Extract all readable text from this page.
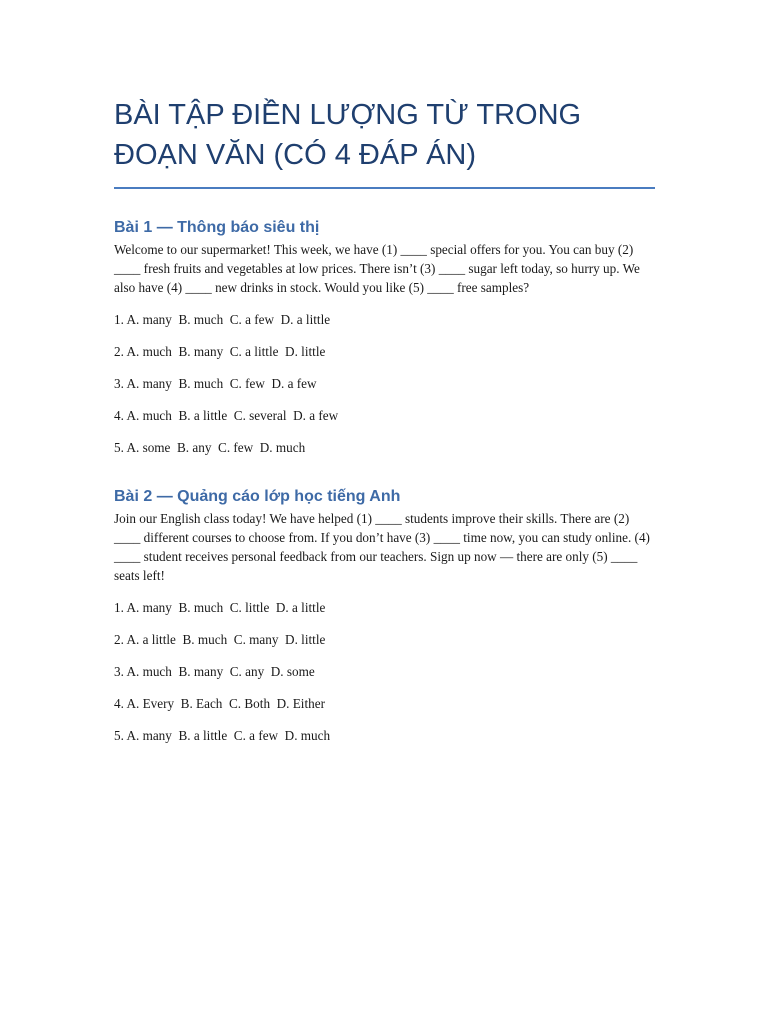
BÀI TẬP ĐIỀN LƯỢNG TỪ TRONG ĐOẠN VĂN (CÓ 4 ĐÁP ÁN)
Bài 1 — Thông báo siêu thị

Welcome to our supermarket! This week, we have (1) ____ special offers for you. You can buy (2) ____ fresh fruits and vegetables at low prices. There isn’t (3) ____ sugar left today, so hurry up. We also have (4) ____ new drinks in stock. Would you like (5) ____ free samples?

1. A. many  B. much  C. a few  D. a little
2. A. much  B. many  C. a little  D. little
3. A. many  B. much  C. few  D. a few
4. A. much  B. a little  C. several  D. a few
5. A. some  B. any  C. few  D. much
Bài 2 — Quảng cáo lớp học tiếng Anh

Join our English class today! We have helped (1) ____ students improve their skills. There are (2) ____ different courses to choose from. If you don’t have (3) ____ time now, you can study online. (4) ____ student receives personal feedback from our teachers. Sign up now — there are only (5) ____ seats left!

1. A. many  B. much  C. little  D. a little
2. A. a little  B. much  C. many  D. little
3. A. much  B. many  C. any  D. some
4. A. Every  B. Each  C. Both  D. Either
5. A. many  B. a little  C. a few  D. much
